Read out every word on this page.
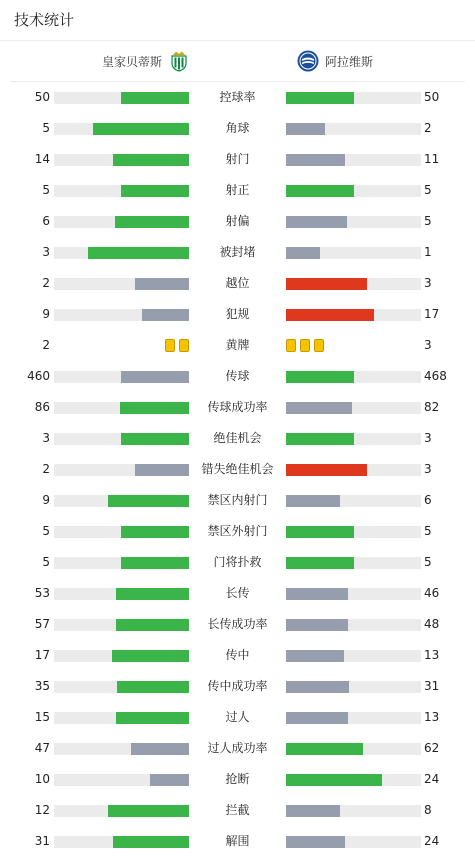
技术统计
皇家贝蒂斯	阿拉维斯
50	控球率	50
5	角球	2
14	射门	11
5	射正	5
6	射偏	5
3	被封堵	1
2	越位	3
9	犯规	17
2	黄牌	3
460	传球	468
86	传球成功率	82
3	绝佳机会	3
2	错失绝佳机会	3
9	禁区内射门	6
5	禁区外射门	5
5	门将扑救	5
53	长传	46
57	长传成功率	48
17	传中	13
35	传中成功率	31
15	过人	13
47	过人成功率	62
10	抢断	24
12	拦截	8
31	解围	24
